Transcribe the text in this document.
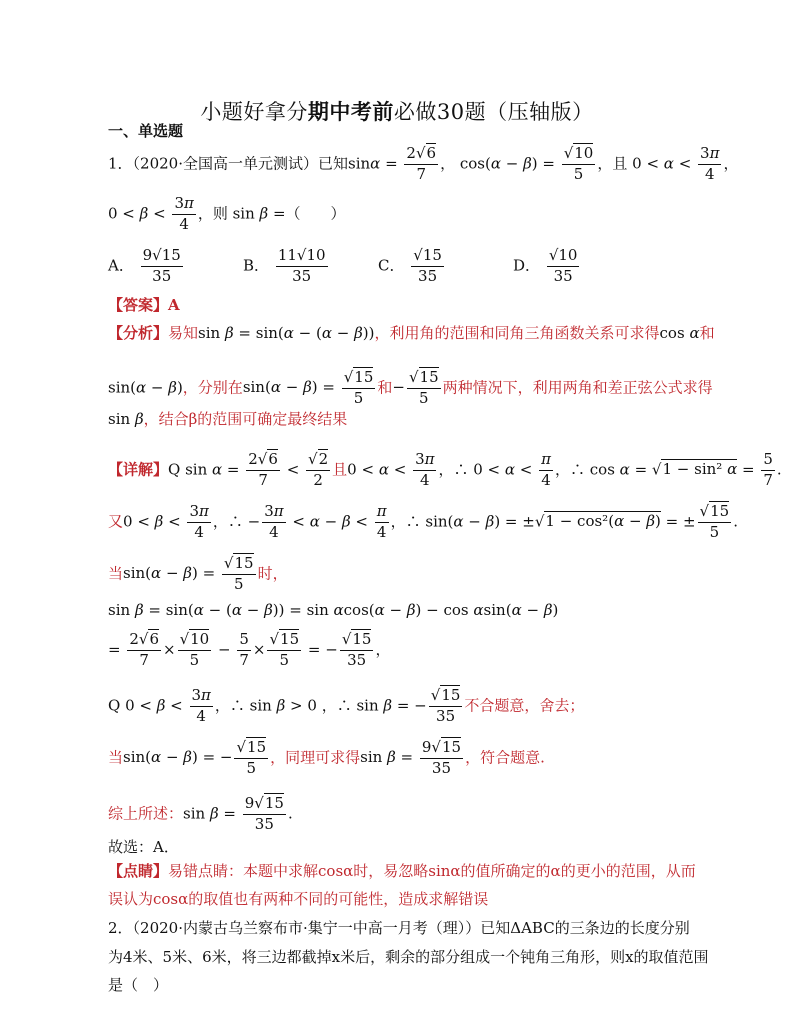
小题好拿分期中考前必做30题（压轴版）
一、单选题
1．（2020·全国高一单元测试）已知$\sin\alpha = \frac{2√6}{7}$ ， $\cos(\alpha - \beta) = \frac{√10}{5}$ ，且 $0 < \alpha < \frac{3\pi}{4}$ ，
$0 < \beta < \frac{3\pi}{4}$ ，则 sin β =（　　）
A． $\frac{9√15}{35}$	B． $\frac{11√10}{35}$	C． $\frac{√15}{35}$	D． $\frac{√10}{35}$
【答案】A
【分析】易知sin β = sin(α − (α − β))，利用角的范围和同角三角函数关系可求得cos α和
sin(α − β)，分别在$\sin(\alpha - \beta) = \frac{√15}{5}$ 和− $\frac{√15}{5}$ 两种情况下，利用两角和差正弦公式求得
sin β，结合β的范围可确定最终结果
【详解】Q $\sin \alpha = \frac{2√6}{7} < \frac{√2}{2}$ 且$0 < \alpha < \frac{3\pi}{4}$ ，∴ $0 < \alpha < \frac{\pi}{4}$ ，∴ cos α = √1 − sin² $\alpha = \frac{5}{7}$ .
又$0 < \beta < \frac{3\pi}{4}$ ，∴ − $\frac{3\pi}{4} < \alpha - \beta < \frac{\pi}{4}$ ，∴ sin(α − β) = ±√1 − cos²(α − β) = ± $\frac{√15}{5}$ .
当$\sin(\alpha - \beta) = \frac{√15}{5}$ 时，
sin β = sin(α − (α − β)) = sin αcos(α − β) − cos αsin(α − β)
= $\frac{2√6}{7} \times \frac{√10}{5} - \frac{5}{7} \times \frac{√15}{5}$ = − $\frac{√15}{35}$ ，
Q $0 < \beta < \frac{3\pi}{4}$ ，∴ sin β > 0 ，∴ sin β = − $\frac{√15}{35}$ 不合题意，舍去；
当sin(α − β) = − $\frac{√15}{5}$ ，同理可求得$\sin \beta = \frac{9√15}{35}$ ，符合题意.
综上所述：$\sin \beta = \frac{9√15}{35}$ .
故选：A．
【点睛】易错点睛：本题中求解cosα时，易忽略sinα的值所确定的α的更小的范围，从而
误认为cosα的取值也有两种不同的可能性，造成求解错误
2．（2020·内蒙古乌兰察布市·集宁一中高一月考（理））已知ΔABC的三条边的长度分别
为4米、5米、6米，将三边都截掉x米后，剩余的部分组成一个钝角三角形，则x的取值范围
是（　）
